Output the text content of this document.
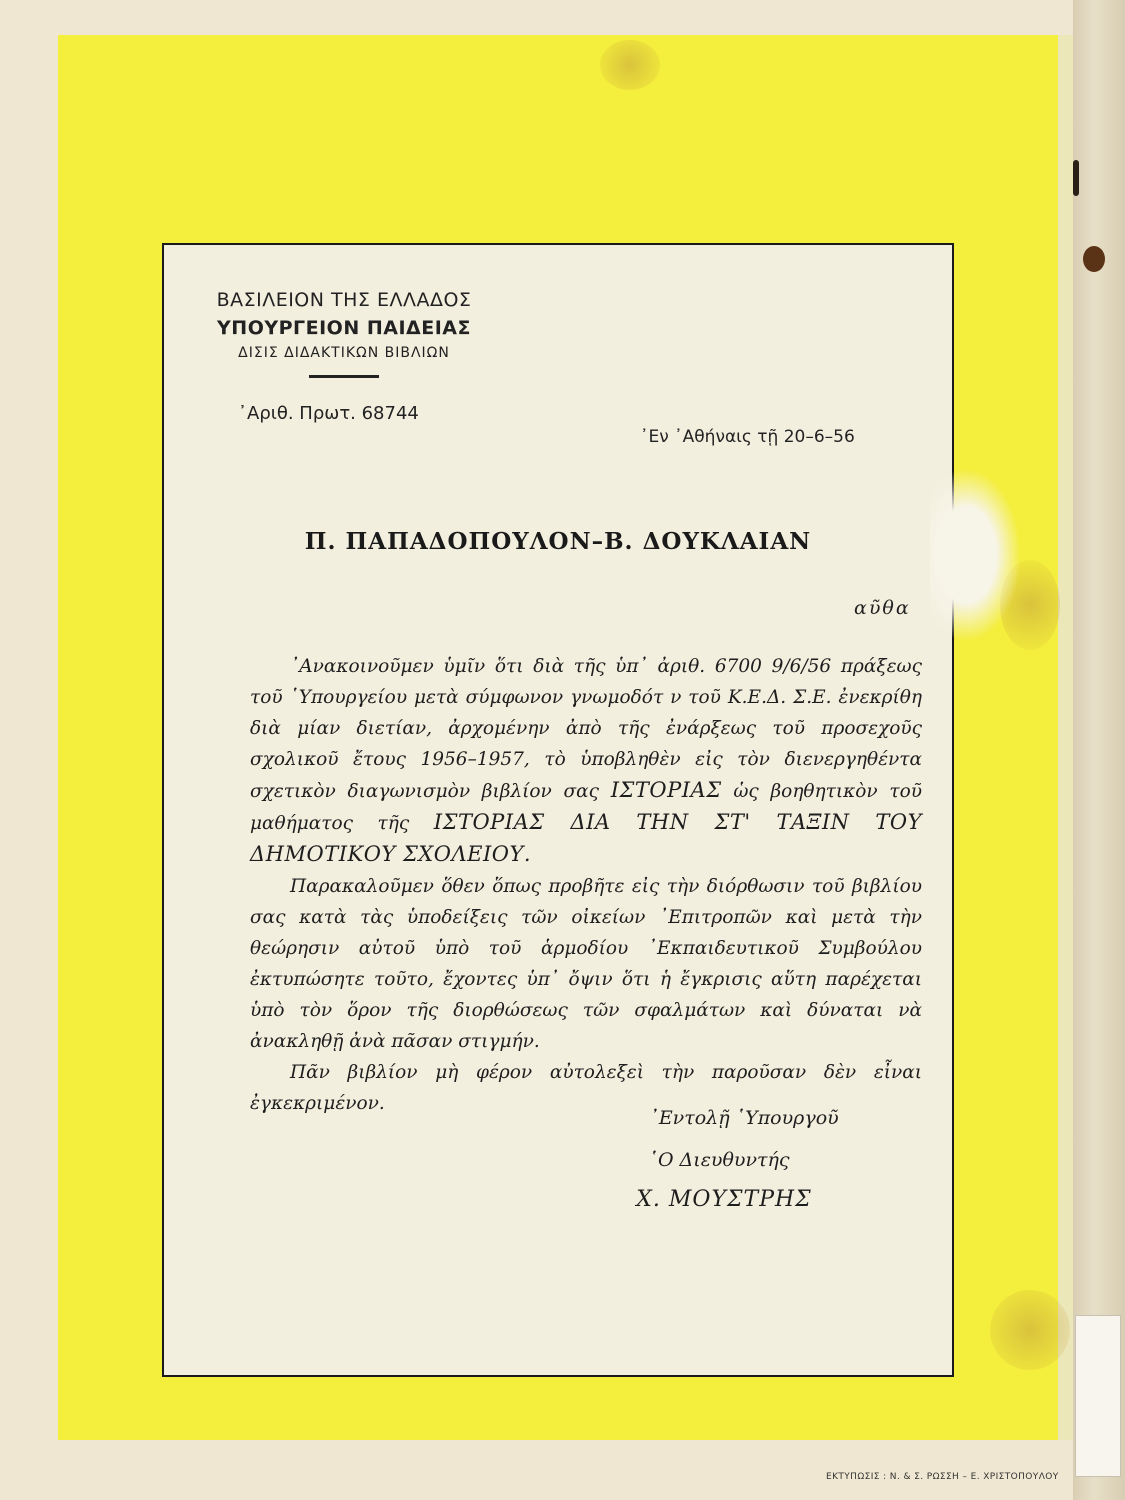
ΒΑΣΙΛΕΙΟΝ ΤΗΣ ΕΛΛΑΔΟΣ
ΥΠΟΥΡΓΕΙΟΝ ΠΑΙΔΕΙΑΣ
ΔΙΣΙΣ ΔΙΔΑΚΤΙΚΩΝ ΒΙΒΛΙΩΝ
᾿Αριθ. Πρωτ. 68744
᾿Εν ᾿Αθήναις τῇ 20–6–56
Π. ΠΑΠΑΔΟΠΟΥΛΟΝ–Β. ΔΟΥΚΛΑΙΑΝ
αῦθα

᾿Ανακοινοῦμεν ὑμῖν ὅτι διὰ τῆς ὑπ᾿ ἀριθ. 6700 9/6/56 πράξεως τοῦ ῾Υπουργείου μετὰ σύμφωνον γνωμοδότ ν τοῦ Κ.Ε.Δ. Σ.Ε. ἐνεκρίθη διὰ μίαν διετίαν, ἀρχομένην ἀπὸ τῆς ἐνάρξεως τοῦ προσεχοῦς σχολικοῦ ἔτους 1956–1957, τὸ ὑποβληθὲν εἰς τὸν διενεργηθέντα σχετικὸν διαγωνισμὸν βιβλίον σας ΙΣΤΟΡΙΑΣ ὡς βοηθητικὸν τοῦ μαθήματος τῆς ΙΣΤΟΡΙΑΣ ΔΙΑ ΤΗΝ ΣΤ' ΤΑΞΙΝ ΤΟΥ ΔΗΜΟΤΙΚΟΥ ΣΧΟΛΕΙΟΥ.

Παρακαλοῦμεν ὅθεν ὅπως προβῆτε εἰς τὴν διόρθωσιν τοῦ βιβλίου σας κατὰ τὰς ὑποδείξεις τῶν οἰκείων ᾿Επιτροπῶν καὶ μετὰ τὴν θεώρησιν αὐτοῦ ὑπὸ τοῦ ἁρμοδίου ᾿Εκπαιδευτικοῦ Συμβούλου ἐκτυπώσητε τοῦτο, ἔχοντες ὑπ᾿ ὄψιν ὅτι ἡ ἔγκρισις αὕτη παρέχεται ὑπὸ τὸν ὅρον τῆς διορθώσεως τῶν σφαλμάτων καὶ δύναται νὰ ἀνακληθῇ ἀνὰ πᾶσαν στιγμήν.

Πᾶν βιβλίον μὴ φέρον αὐτολεξεὶ τὴν παροῦσαν δὲν εἶναι ἐγκεκριμένον.

᾿Εντολῇ ῾Υπουργοῦ
῾Ο Διευθυντής
Χ. ΜΟΥΣΤΡΗΣ
ΕΚΤΥΠΩΣΙΣ : Ν. & Σ. ΡΩΣΣΗ – Ε. ΧΡΙΣΤΟΠΟΥΛΟΥ
